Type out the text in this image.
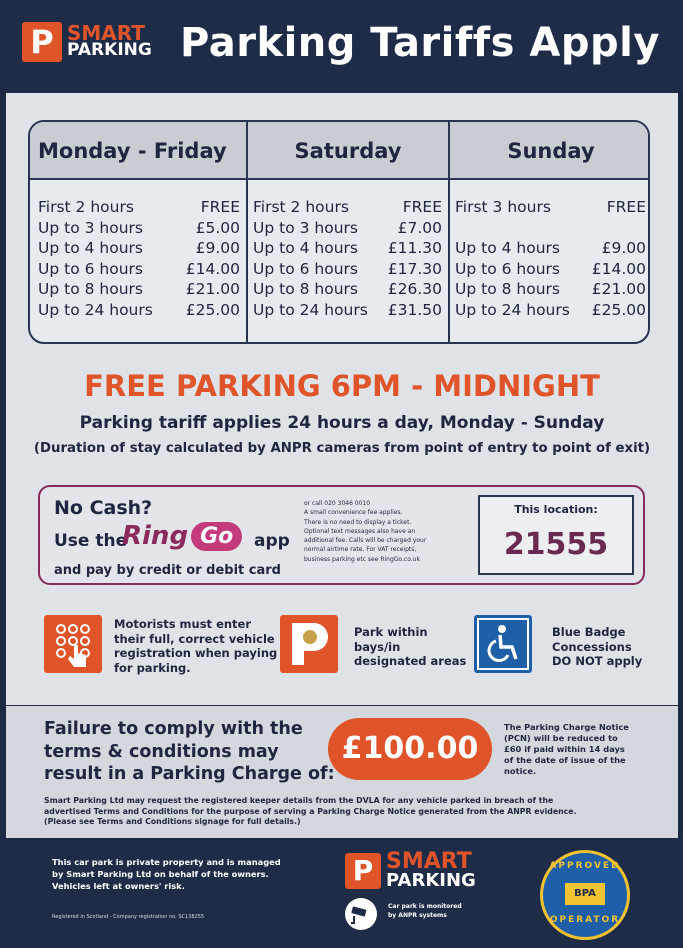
P SMART
PARKING Parking Tariffs Apply
Monday - Friday
First 2 hours	FREE
Up to 3 hours	£5.00
Up to 4 hours	£9.00
Up to 6 hours	£14.00
Up to 8 hours	£21.00
Up to 24 hours £25.00
Saturday
First 2 hours	FREE
Up to 3 hours	£7.00
Up to 4 hours £11.30
Up to 6 hours £17.30
Up to 8 hours £26.30
Up to 24 hours £31.50
Sunday
First 3 hours	FREE
Up to 4 hours	£9.00
Up to 6 hours £14.00
Up to 8 hours £21.00
Up to 24 hours £25.00
FREE PARKING 6PM - MIDNIGHT
Parking tariff applies 24 hours a day, Monday - Sunday
(Duration of stay calculated by ANPR cameras from point of entry to point of exit)
No Cash?
Use the
Ring Go	app
and pay by credit or debit card
or call 020 3046 0010
A small convenience fee applies.
There is no need to display a ticket.
Optional text messages also have an
additional fee. Calls will be charged your
normal airtime rate. For VAT receipts,
business parking etc see RingGo.co.uk
This location:
21555
Motorists must enter
their full, correct vehicle
registration when paying
for parking.
Park within
bays/in
designated areas
Blue Badge
Concessions
DO NOT apply
Failure to comply with the
terms & conditions may
result in a Parking Charge of:
£100.00
The Parking Charge Notice
(PCN) will be reduced to
£60 if paid within 14 days
of the date of issue of the
notice.
Smart Parking Ltd may request the registered keeper details from the DVLA for any vehicle parked in breach of the
advertised Terms and Conditions for the purpose of serving a Parking Charge Notice generated from the ANPR evidence.
(Please see Terms and Conditions signage for full details.)
This car park is private property and is managed
by Smart Parking Ltd on behalf of the owners.
Vehicles left at owners' risk.
Registered in Scotland - Company registration no. SC138255
P SMART
PARKING
Car park is monitored
by ANPR systems
APPROVED
BPA
OPERATOR
